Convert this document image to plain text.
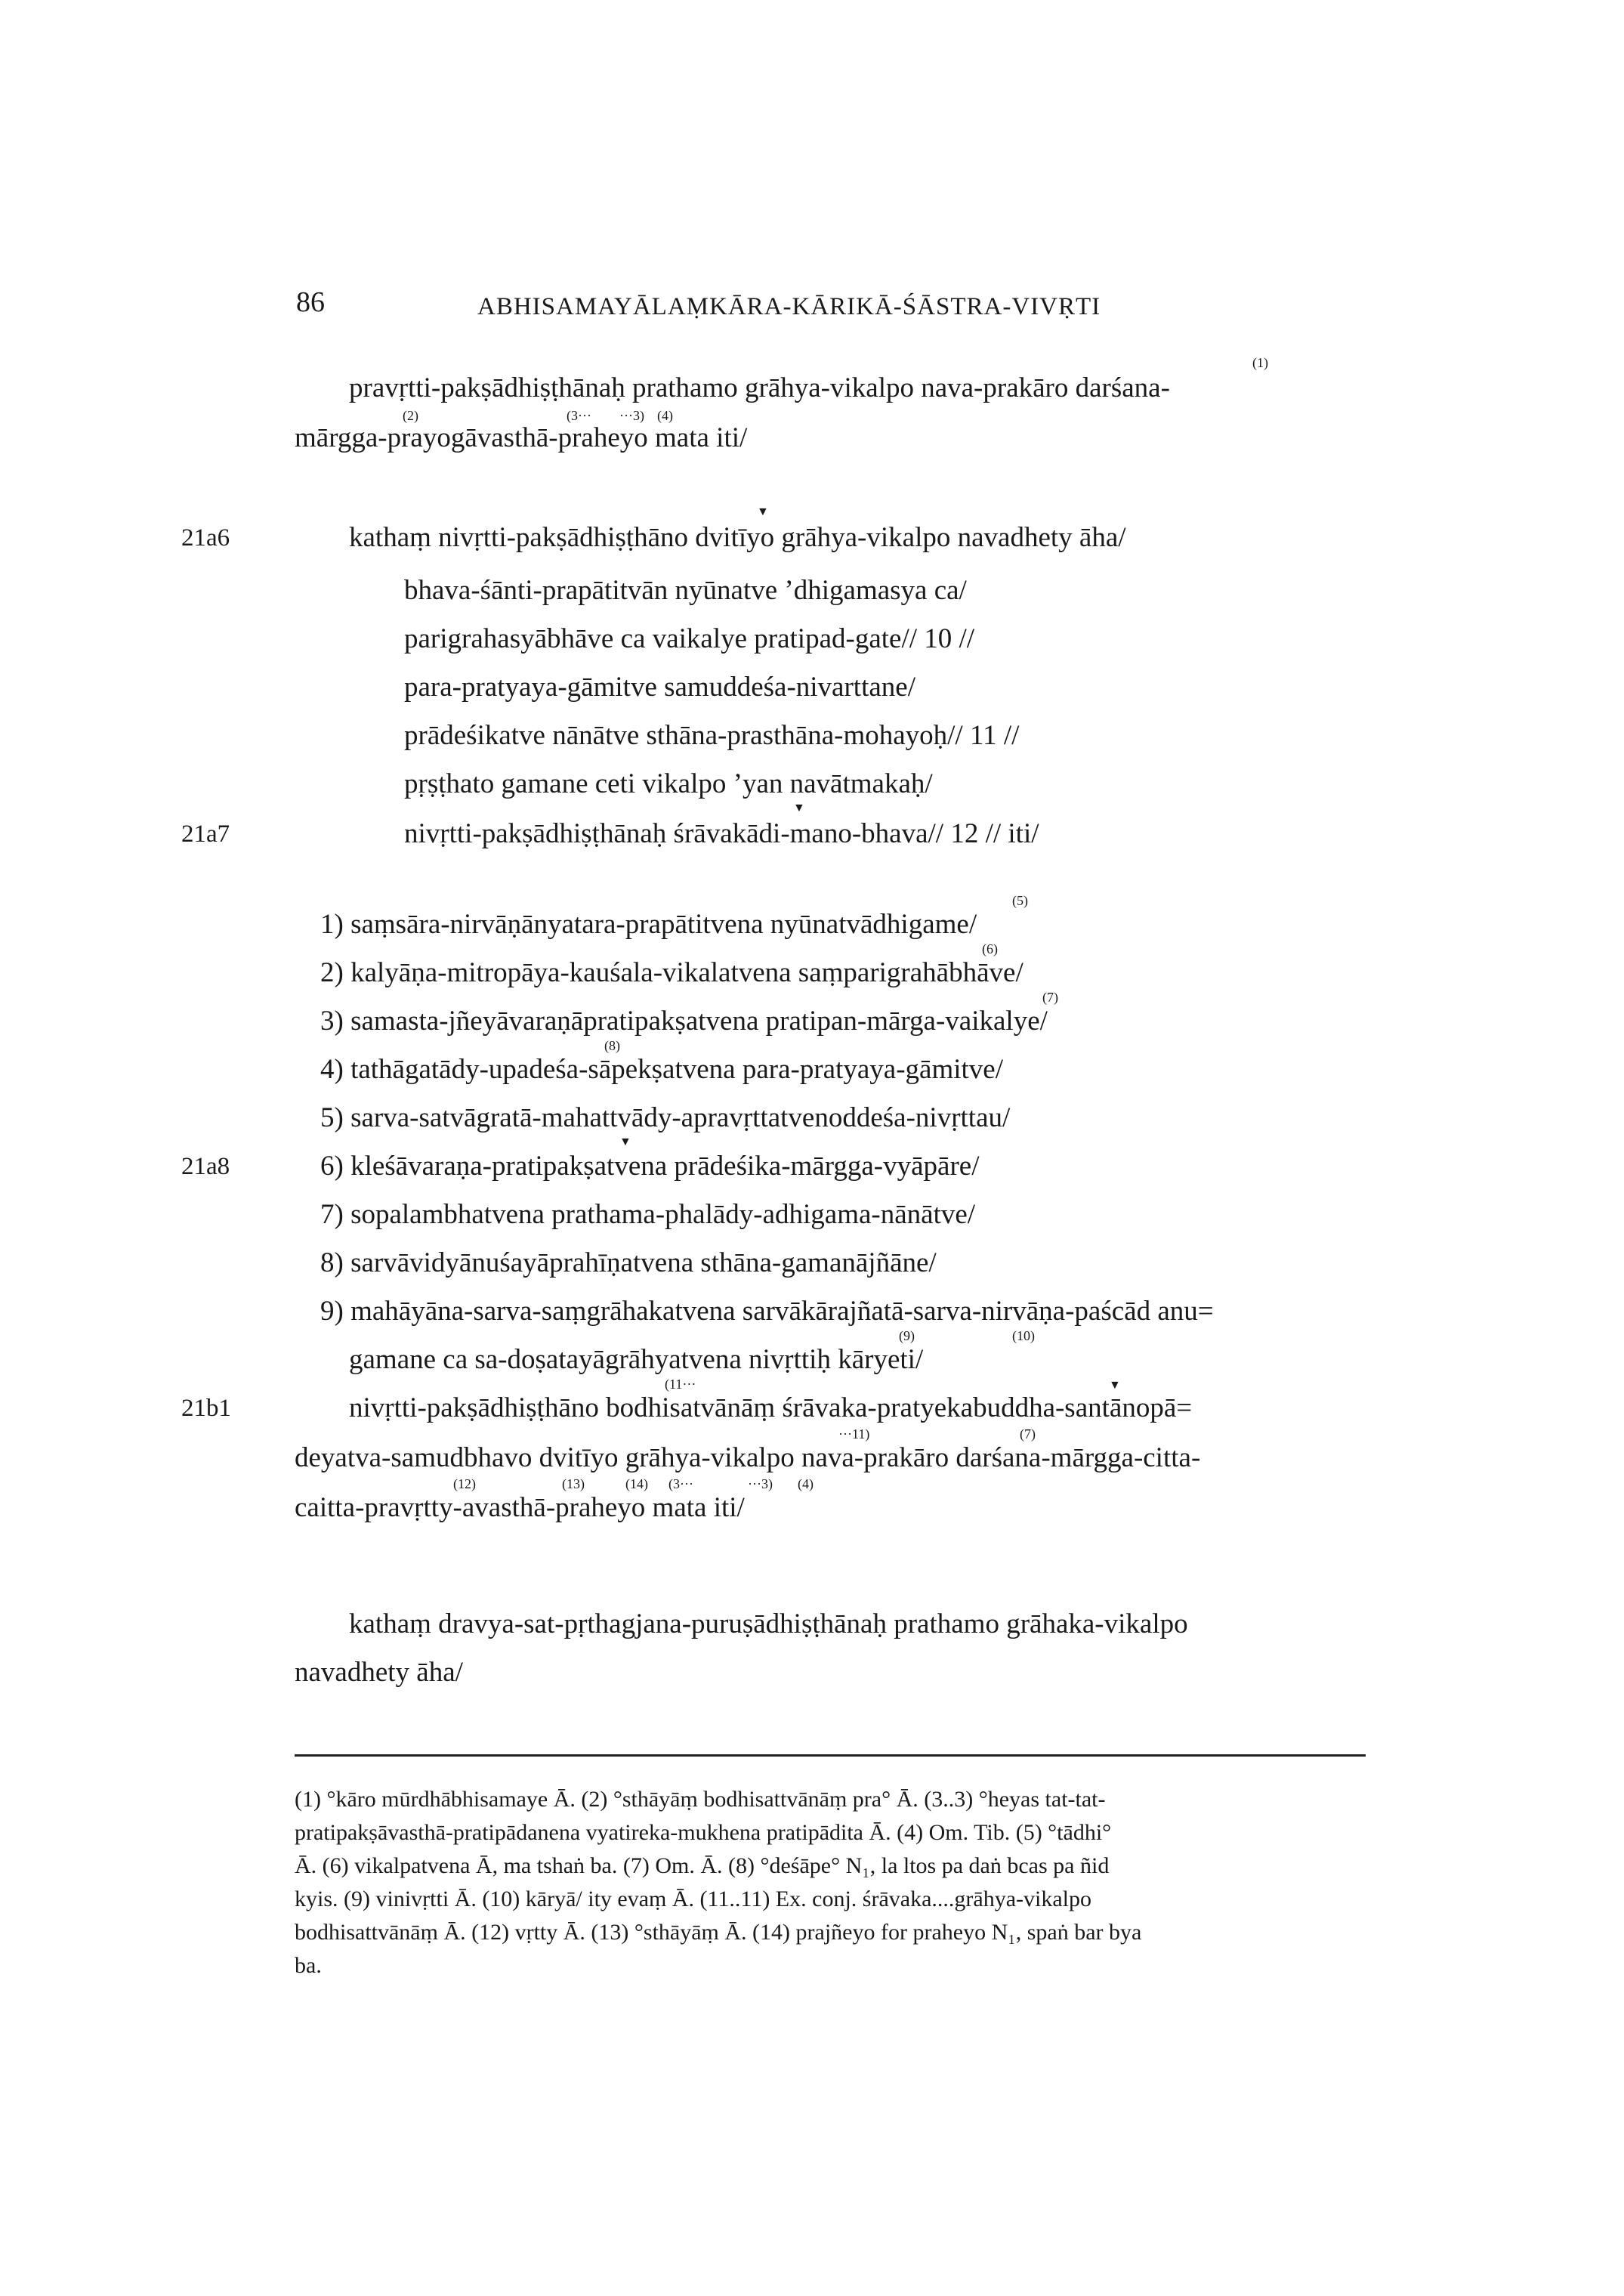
86	ABHISAMAYĀLAṂKĀRA-KĀRIKĀ-ŚĀSTRA-VIVṚTI
(1)
pravṛtti-pakṣādhiṣṭhānaḥ prathamo grāhya-vikalpo nava-prakāro darśana-
(2)	(3··· ···3) (4)
mārgga-prayogāvasthā-praheyo mata iti/
▼
21a6	kathaṃ nivṛtti-pakṣādhiṣṭhāno dvitīyo grāhya-vikalpo navadhety āha/
bhava-śānti-prapātitvān nyūnatve ’dhigamasya ca/
parigrahasyābhāve ca vaikalye pratipad-gate// 10 //
para-pratyaya-gāmitve samuddeśa-nivarttane/
prādeśikatve nānātve sthāna-prasthāna-mohayoḥ// 11 //
pṛṣṭhato gamane ceti vikalpo ’yan navātmakaḥ/
▼
21a7	nivṛtti-pakṣādhiṣṭhānaḥ śrāvakādi-mano-bhava// 12 // iti/
(5)
1) saṃsāra-nirvāṇānyatara-prapātitvena nyūnatvādhigame/
(6)
2) kalyāṇa-mitropāya-kauśala-vikalatvena saṃparigrahābhāve/
(7)
3) samasta-jñeyāvaraṇāpratipakṣatvena pratipan-mārga-vaikalye/
(8)
4) tathāgatādy-upadeśa-sāpekṣatvena para-pratyaya-gāmitve/
5) sarva-satvāgratā-mahattvādy-apravṛttatvenoddeśa-nivṛttau/
▼
21a8	6) kleśāvaraṇa-pratipakṣatvena prādeśika-mārgga-vyāpāre/
7) sopalambhatvena prathama-phalādy-adhigama-nānātve/
8) sarvāvidyānuśayāprahīṇatvena sthāna-gamanājñāne/
9) mahāyāna-sarva-saṃgrāhakatvena sarvākārajñatā-sarva-nirvāṇa-paścād anu=
(9)	(10)
gamane ca sa-doṣatayāgrāhyatvena nivṛttiḥ kāryeti/
(11···	▼
21b1	nivṛtti-pakṣādhiṣṭhāno bodhisatvānāṃ śrāvaka-pratyekabuddha-santānopā=
···11)	(7)
deyatva-samudbhavo dvitīyo grāhya-vikalpo nava-prakāro darśana-mārgga-citta-
(12)	(13)	(14) (3···	···3) (4)
caitta-pravṛtty-avasthā-praheyo mata iti/
kathaṃ dravya-sat-pṛthagjana-puruṣādhiṣṭhānaḥ prathamo grāhaka-vikalpo
navadhety āha/
(1) °kāro mūrdhābhisamaye Ā. (2) °sthāyāṃ bodhisattvānāṃ pra° Ā. (3..3) °heyas tat-tat-
pratipakṣāvasthā-pratipādanena vyatireka-mukhena pratipādita Ā. (4) Om. Tib. (5) °tādhi°
Ā. (6) vikalpatvena Ā, ma tshaṅ ba. (7) Om. Ā. (8) °deśāpe° N₁, la ltos pa daṅ bcas pa ñid
kyis. (9) vinivṛtti Ā. (10) kāryā/ ity evaṃ Ā. (11..11) Ex. conj. śrāvaka....grāhya-vikalpo
bodhisattvānāṃ Ā. (12) vṛtty Ā. (13) °sthāyāṃ Ā. (14) prajñeyo for praheyo N₁, spaṅ bar bya
ba.
